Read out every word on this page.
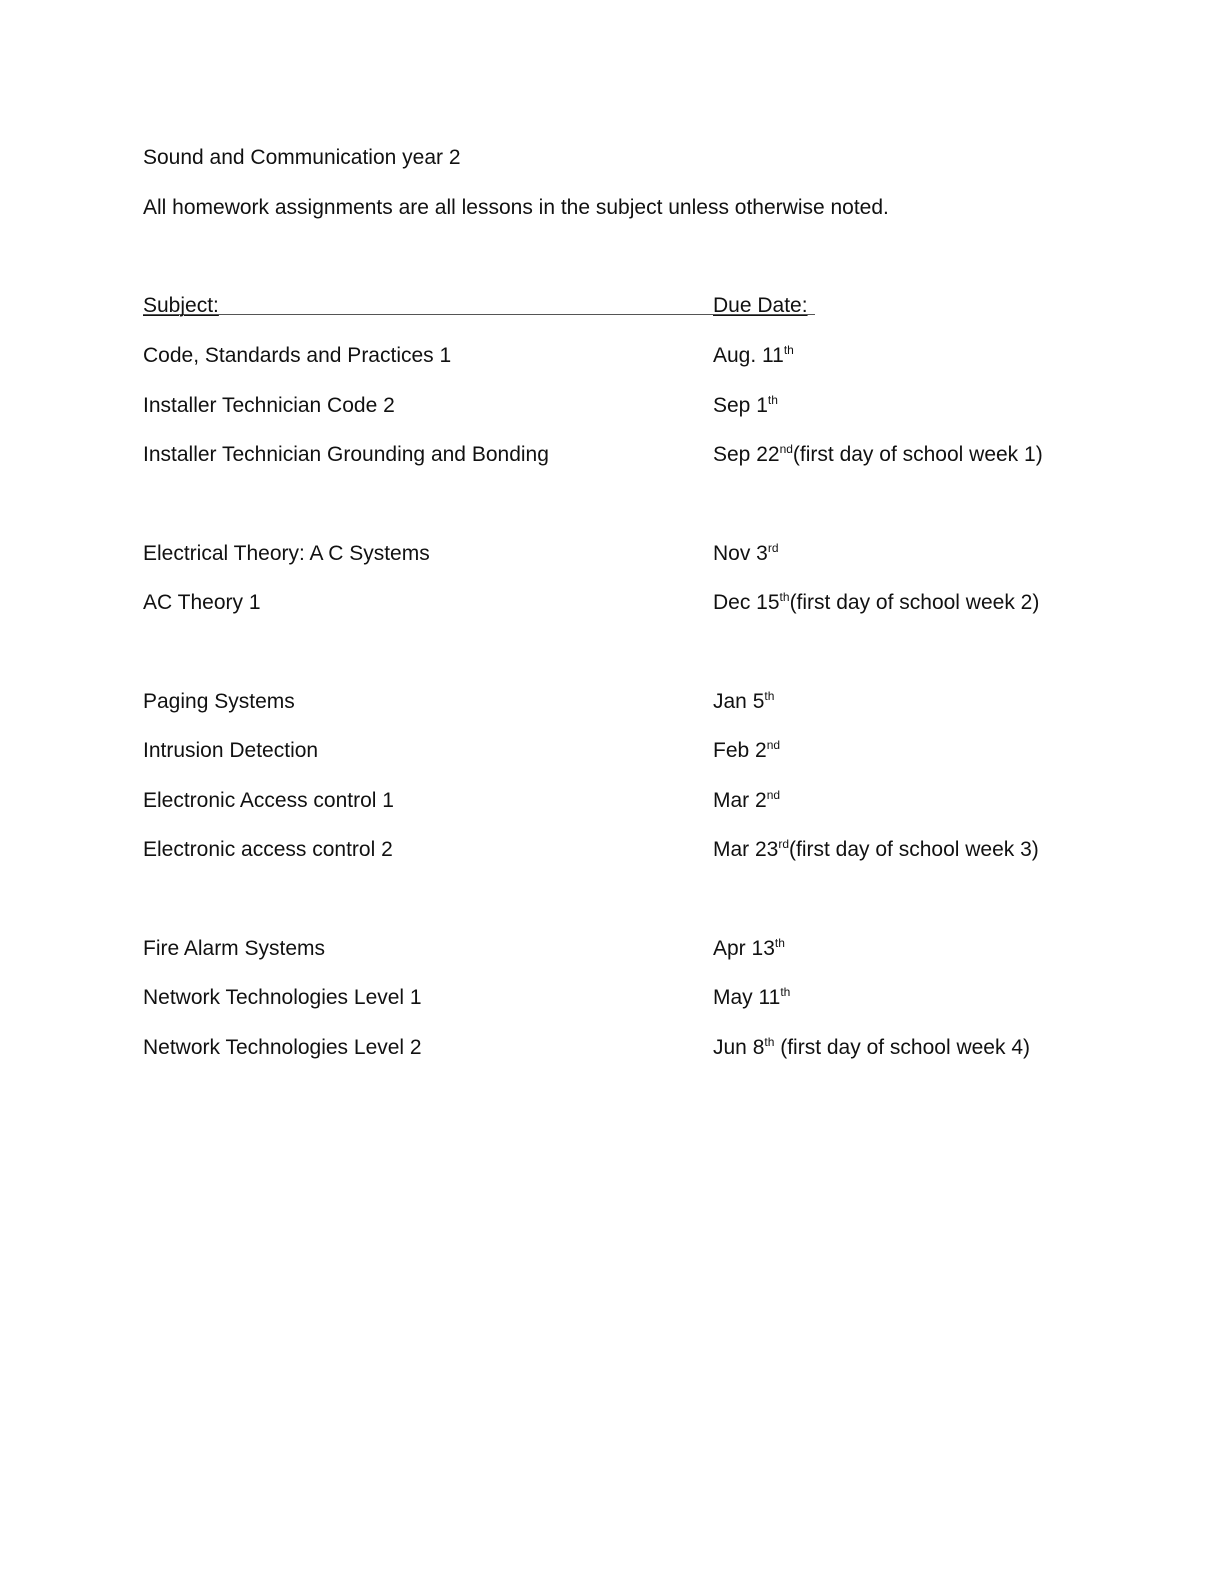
Sound and Communication year 2
All homework assignments are all lessons in the subject unless otherwise noted.
Subject:	Due Date:
Code, Standards and Practices 1	Aug. 11th
Installer Technician Code 2	Sep 1th
Installer Technician Grounding and Bonding	Sep 22nd(first day of school week 1)
Electrical Theory: A C Systems	Nov 3rd
AC Theory 1	Dec 15th(first day of school week 2)
Paging Systems	Jan 5th
Intrusion Detection	Feb 2nd
Electronic Access control 1	Mar 2nd
Electronic access control 2	Mar 23rd(first day of school week 3)
Fire Alarm Systems	Apr 13th
Network Technologies Level 1	May 11th
Network Technologies Level 2	Jun 8th (first day of school week 4)
